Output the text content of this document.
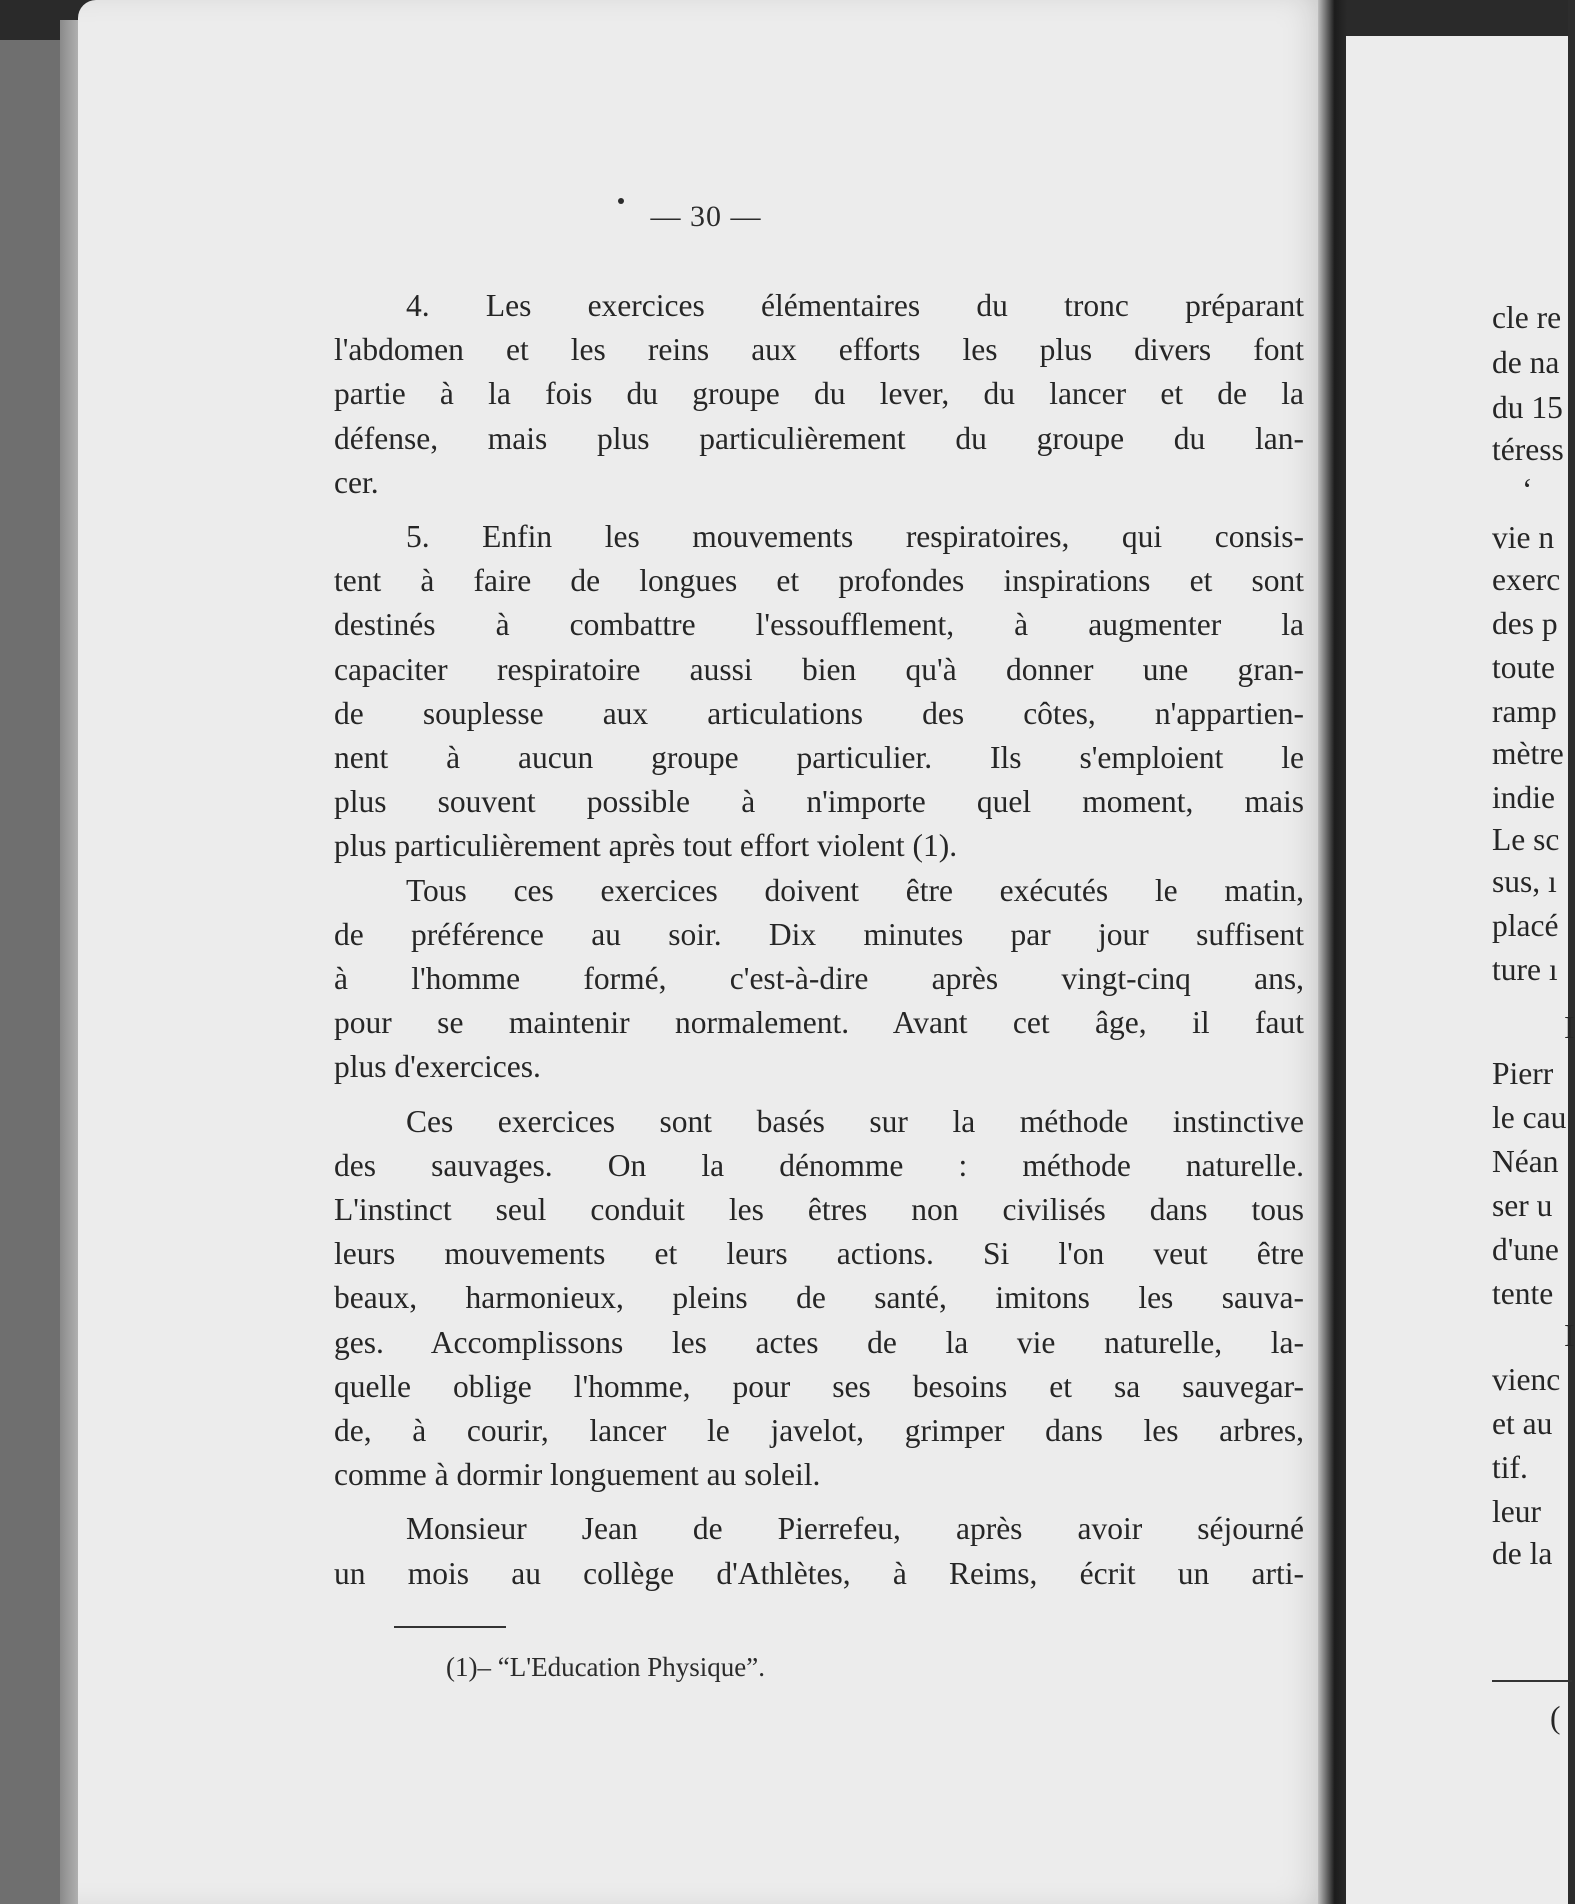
— 30 —
4. Les exercices élémentaires du tronc préparant
l'abdomen et les reins aux efforts les plus divers font
partie à la fois du groupe du lever, du lancer et de la
défense, mais plus particulièrement du groupe du lan-
cer.
5. Enfin les mouvements respiratoires, qui consis-
tent à faire de longues et profondes inspirations et sont
destinés à combattre l'essoufflement, à augmenter la
capaciter respiratoire aussi bien qu'à donner une gran-
de souplesse aux articulations des côtes, n'appartien-
nent à aucun groupe particulier. Ils s'emploient le
plus souvent possible à n'importe quel moment, mais
plus particulièrement après tout effort violent (1).
Tous ces exercices doivent être exécutés le matin,
de préférence au soir. Dix minutes par jour suffisent
à l'homme formé, c'est-à-dire après vingt-cinq ans,
pour se maintenir normalement. Avant cet âge, il faut
plus d'exercices.
Ces exercices sont basés sur la méthode instinctive
des sauvages. On la dénomme : méthode naturelle.
L'instinct seul conduit les êtres non civilisés dans tous
leurs mouvements et leurs actions. Si l'on veut être
beaux, harmonieux, pleins de santé, imitons les sauva-
ges. Accomplissons les actes de la vie naturelle, la-
quelle oblige l'homme, pour ses besoins et sa sauvegar-
de, à courir, lancer le javelot, grimper dans les arbres,
comme à dormir longuement au soleil.
Monsieur Jean de Pierrefeu, après avoir séjourné
un mois au collège d'Athlètes, à Reims, écrit un arti-
(1)– “L'Education Physique”.
cle re
de na
du 15
téress
‘
vie n
exerc
des p
toute
ramp
mètre
indie
Le sc
sus, ı
placé
ture ı
I
Pierr
le cau
Néan
ser u
d'une
tente
I
vienc
et au
tif.
leur
de la
(
